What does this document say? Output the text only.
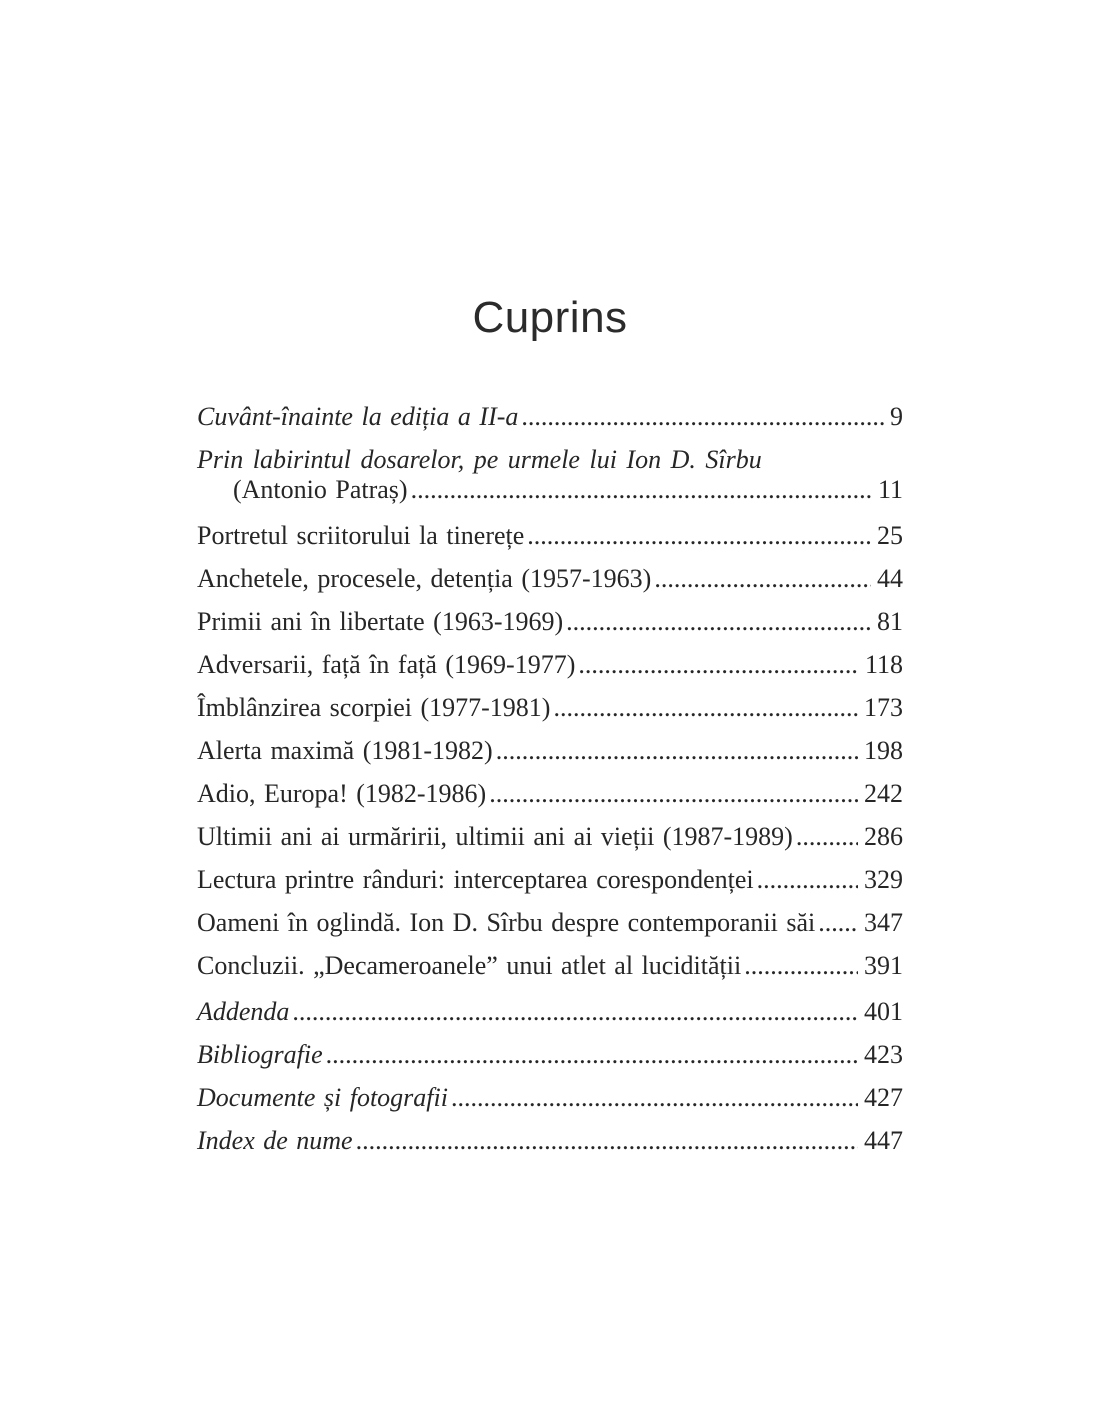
Cuprins
Cuvânt-înainte la ediția a II-a .....	9
Prin labirintul dosarelor, pe urmele lui Ion D. Sîrbu
(Antonio Patraș) .....	11
Portretul scriitorului la tinerețe .....	25
Anchetele, procesele, detenția (1957-1963) .....	44
Primii ani în libertate (1963-1969) .....	81
Adversarii, față în față (1969-1977) .....	118
Îmblânzirea scorpiei (1977-1981) .....	173
Alerta maximă (1981-1982) .....	198
Adio, Europa! (1982-1986) .....	242
Ultimii ani ai urmăririi, ultimii ani ai vieții (1987-1989) .....	286
Lectura printre rânduri: interceptarea corespondenței .....	329
Oameni în oglindă. Ion D. Sîrbu despre contemporanii săi ..... 347
Concluzii. „Decameroanele” unui atlet al lucidității .....	391
Addenda .....	401
Bibliografie .....	423
Documente și fotografii .....	427
Index de nume .....	447
